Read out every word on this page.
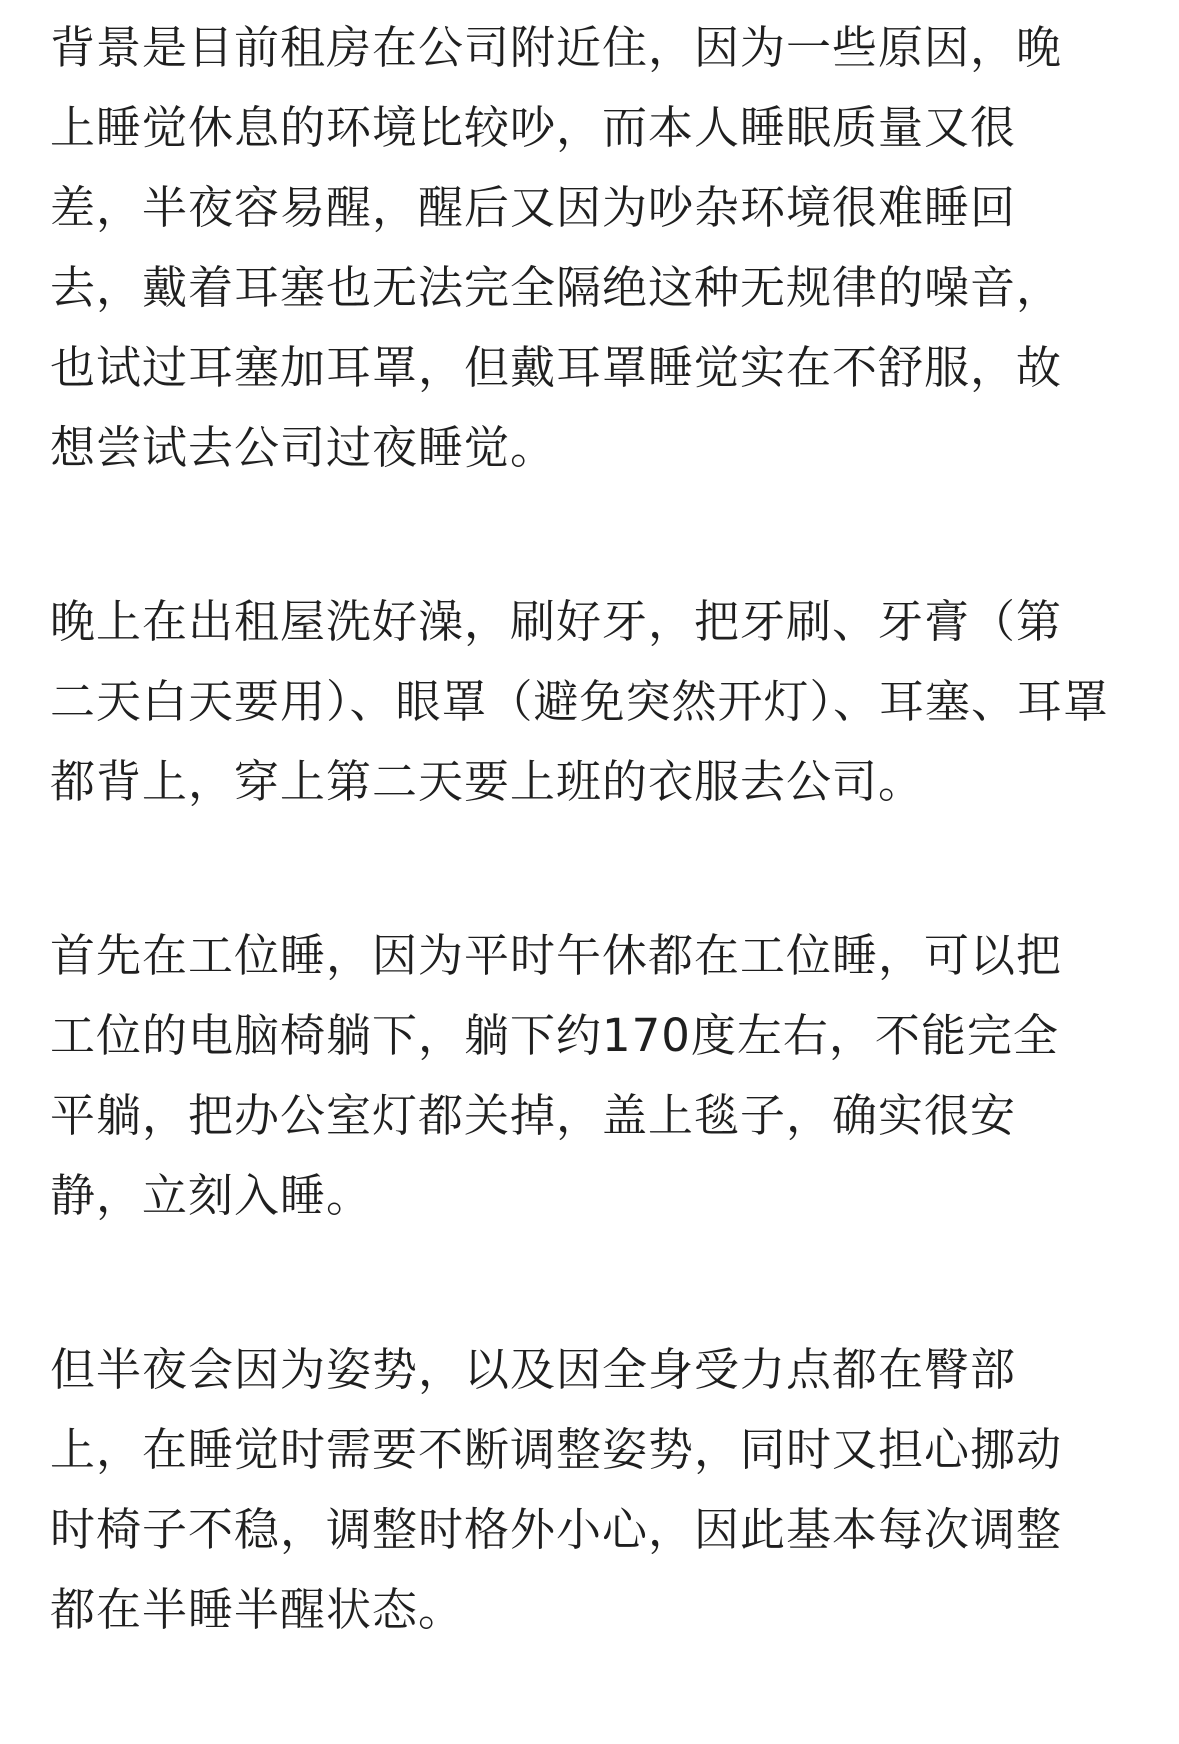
背景是目前租房在公司附近住，因为一些原因，晚

上睡觉休息的环境比较吵，而本人睡眠质量又很

差，半夜容易醒，醒后又因为吵杂环境很难睡回

去，戴着耳塞也无法完全隔绝这种无规律的噪音，

也试过耳塞加耳罩，但戴耳罩睡觉实在不舒服，故

想尝试去公司过夜睡觉。

晚上在出租屋洗好澡，刷好牙，把牙刷、牙膏（第

二天白天要用）、眼罩（避免突然开灯）、耳塞、耳罩

都背上，穿上第二天要上班的衣服去公司。

首先在工位睡，因为平时午休都在工位睡，可以把

工位的电脑椅躺下，躺下约170度左右，不能完全

平躺，把办公室灯都关掉，盖上毯子，确实很安

静，立刻入睡。

但半夜会因为姿势，以及因全身受力点都在臀部

上，在睡觉时需要不断调整姿势，同时又担心挪动

时椅子不稳，调整时格外小心，因此基本每次调整

都在半睡半醒状态。
